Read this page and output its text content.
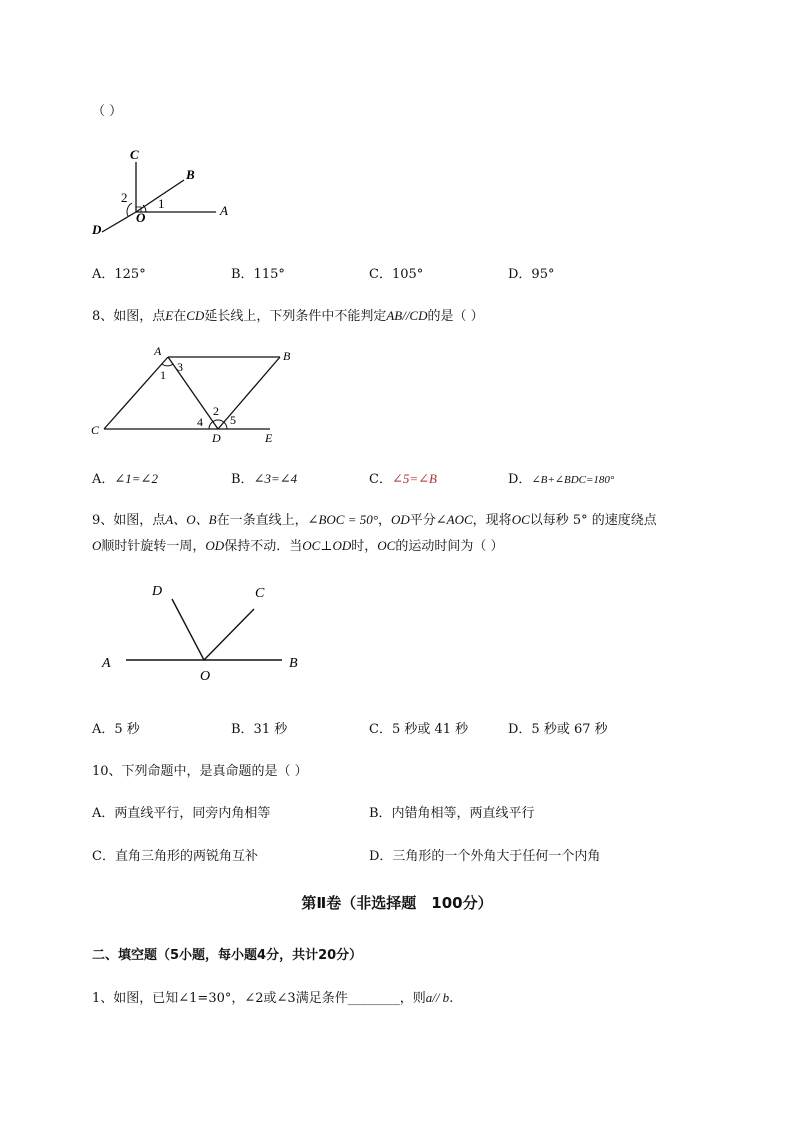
（ ）
C
B
A
D
O
1
2
A．125°	B．115°	C．105°	D．95°
8、如图，点E在CD延长线上，下列条件中不能判定AB//CD的是（ ）
A	B
C
D	E
1
2
3
4 5
A．∠1=∠2	B．∠3=∠4	C．∠5=∠B	D．∠B+∠BDC=180°
9、如图，点A、O、B在一条直线上，∠BOC = 50°，OD平分∠AOC，现将OC以每秒 5° 的速度绕点
O顺时针旋转一周，OD保持不动．当OC⊥OD时，OC的运动时间为（ ）
D	C
A
O
B
A．5 秒	B．31 秒	C．5 秒或 41 秒	D．5 秒或 67 秒
10、下列命题中，是真命题的是（ ）
A．两直线平行，同旁内角相等	B．内错角相等，两直线平行
C．直角三角形的两锐角互补	D．三角形的一个外角大于任何一个内角
第Ⅱ卷（非选择题　100分）
二、填空题（5小题，每小题4分，共计20分）
1、如图，已知∠1=30°，∠2或∠3满足条件________，则a// b.
